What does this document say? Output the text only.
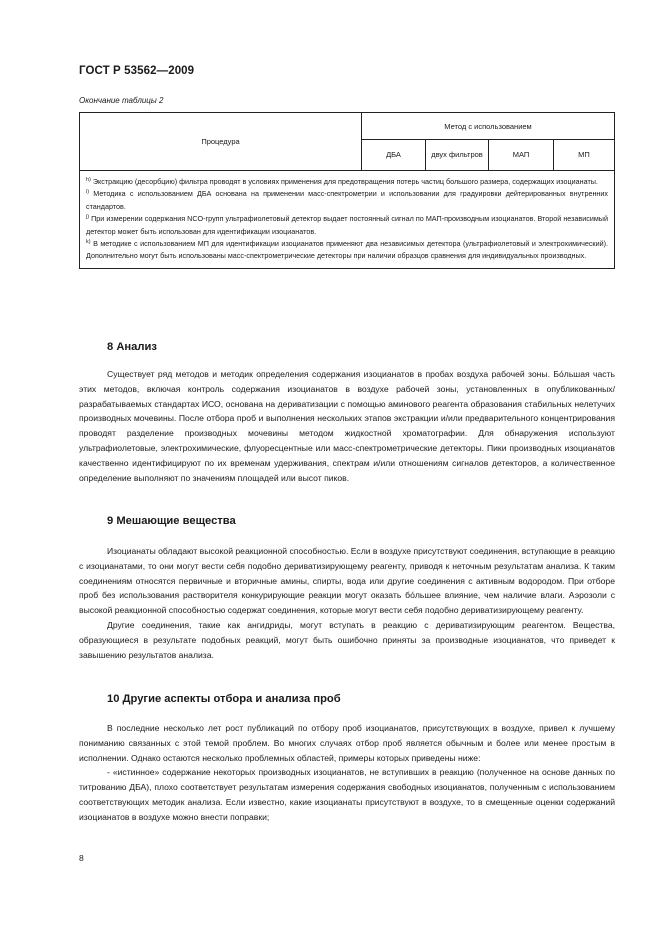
ГОСТ Р 53562—2009
Окончание таблицы 2
Процедура	Метод с использованием			
	ДБА	двух фильтров	МАП	МП

$^{h)}$ Экстракцию (десорбцию) фильтра проводят в условиях применения для предотвращения потерь частиц большого размера, содержащих изоцианаты.
$^{i)}$ Методика с использованием ДБА основана на применении масс-спектрометрии и использовании для градуировки дейтерированных внутренних стандартов.
$^{j)}$ При измерении содержания NCO-групп ультрафиолетовый детектор выдает постоянный сигнал по МАП-производным изоцианатов. Второй независимый детектор может быть использован для идентификации изоцианатов.
$^{k)}$ В методике с использованием МП для идентификации изоцианатов применяют два независимых детектора (ультрафиолетовый и электрохимический). Дополнительно могут быть использованы масс-спектрометрические детекторы при наличии образцов сравнения для индивидуальных производных.				
8 Анализ

Существует ряд методов и методик определения содержания изоцианатов в пробах воздуха рабочей зоны. Бо́льшая часть этих методов, включая контроль содержания изоцианатов в воздухе рабочей зоны, установленных в опубликованных/разрабатываемых стандартах ИСО, основана на дериватизации с помощью аминового реагента образования стабильных нелетучих производных мочевины. После отбора проб и выполнения нескольких этапов экстракции и/или предварительного концентрирования проводят разделение производных мочевины методом жидкостной хроматографии. Для обнаружения используют ультрафиолетовые, электрохимические, флуоресцентные или масс-спектрометрические детекторы. Пики производных изоцианатов качественно идентифицируют по их временам удерживания, спектрам и/или отношениям сигналов детекторов, а количественное определение выполняют по значениям площадей или высот пиков.

9 Мешающие вещества

Изоцианаты обладают высокой реакционной способностью. Если в воздухе присутствуют соединения, вступающие в реакцию с изоцианатами, то они могут вести себя подобно дериватизирующему реагенту, приводя к неточным результатам анализа. К таким соединениям относятся первичные и вторичные амины, спирты, вода или другие соединения с активным водородом. При отборе проб без использования растворителя конкурирующие реакции могут оказать бо́льшее влияние, чем наличие влаги. Аэрозоли с высокой реакционной способностью содержат соединения, которые могут вести себя подобно дериватизирующему реагенту.

Другие соединения, такие как ангидриды, могут вступать в реакцию с дериватизирующим реагентом. Вещества, образующиеся в результате подобных реакций, могут быть ошибочно приняты за производные изоцианатов, что приведет к завышению результатов анализа.

10 Другие аспекты отбора и анализа проб

В последние несколько лет рост публикаций по отбору проб изоцианатов, присутствующих в воздухе, привел к лучшему пониманию связанных с этой темой проблем. Во многих случаях отбор проб является обычным и более или менее простым в исполнении. Однако остаются несколько проблемных областей, примеры которых приведены ниже:

- «истинное» содержание некоторых производных изоцианатов, не вступивших в реакцию (полученное на основе данных по титрованию ДБА), плохо соответствует результатам измерения содержания свободных изоцианатов, полученным с использованием соответствующих методик анализа. Если известно, какие изоцианаты присутствуют в воздухе, то в смещенные оценки содержаний изоцианатов в воздухе можно внести поправки;

8
